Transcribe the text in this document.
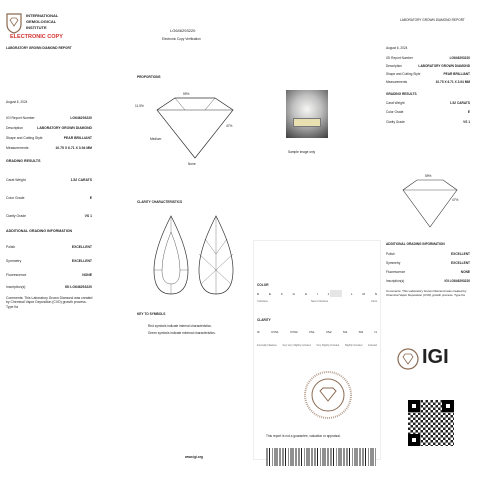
INTERNATIONAL
GEMOLOGICAL
INSTITUTE
ELECTRONIC COPY
LABORATORY GROWN DIAMOND REPORT
August 6, 2024
IGI Report Number	LG646293220
Description	LABORATORY GROWN DIAMOND
Shape and Cutting Style	PEAR BRILLIANT
Measurements	10.75 X 6.71 X 3.94 MM
GRADING RESULTS
Carat Weight	1.52 CARATS
Color Grade	E
Clarity Grade	VS 1
ADDITIONAL GRADING INFORMATION
Polish	EXCELLENT
Symmetry	EXCELLENT
Fluorescence	NONE
Inscription(s)	IGI LG646293220
Comments: This Laboratory Grown Diamond was created by Chemical Vapor Deposition (CVD) growth process. Type IIa
LG646293220
Electronic Copy Verification
PROPORTIONS
59%
11.5%
47%
Medium
None
Sample image only
CLARITY CHARACTERISTICS
KEY TO SYMBOLS
Red symbols indicate internal characteristics.
Green symbols indicate external characteristics.
www.igi.org
COLOR
D	E	F	G	H	I	J	L	M	N
Colorless	Near Colorless	Faint
CLARITY
IF	VVS1	VVS2	VS1	VS2	SI1	SI2	I1
Internally Flawless Very Very Slightly Included Very Slightly Included Slightly Included Included
This report is not a guarantee, valuation or appraisal.
LABORATORY GROWN DIAMOND REPORT
August 6, 2024
IGI Report Number	LG646293220
Description	LABORATORY GROWN DIAMOND
Shape and Cutting Style	PEAR BRILLIANT
Measurements	10.75 X 6.71 X 3.94 MM
GRADING RESULTS
Carat Weight	1.52 CARATS
Color Grade	E
Clarity Grade	VS 1
59%
47%
ADDITIONAL GRADING INFORMATION
Polish	EXCELLENT
Symmetry	EXCELLENT
Fluorescence	NONE
Inscription(s)	IGI LG646293220
Comments: This Laboratory Grown Diamond was created by Chemical Vapor Deposition (CVD) growth process. Type IIa
IGI
